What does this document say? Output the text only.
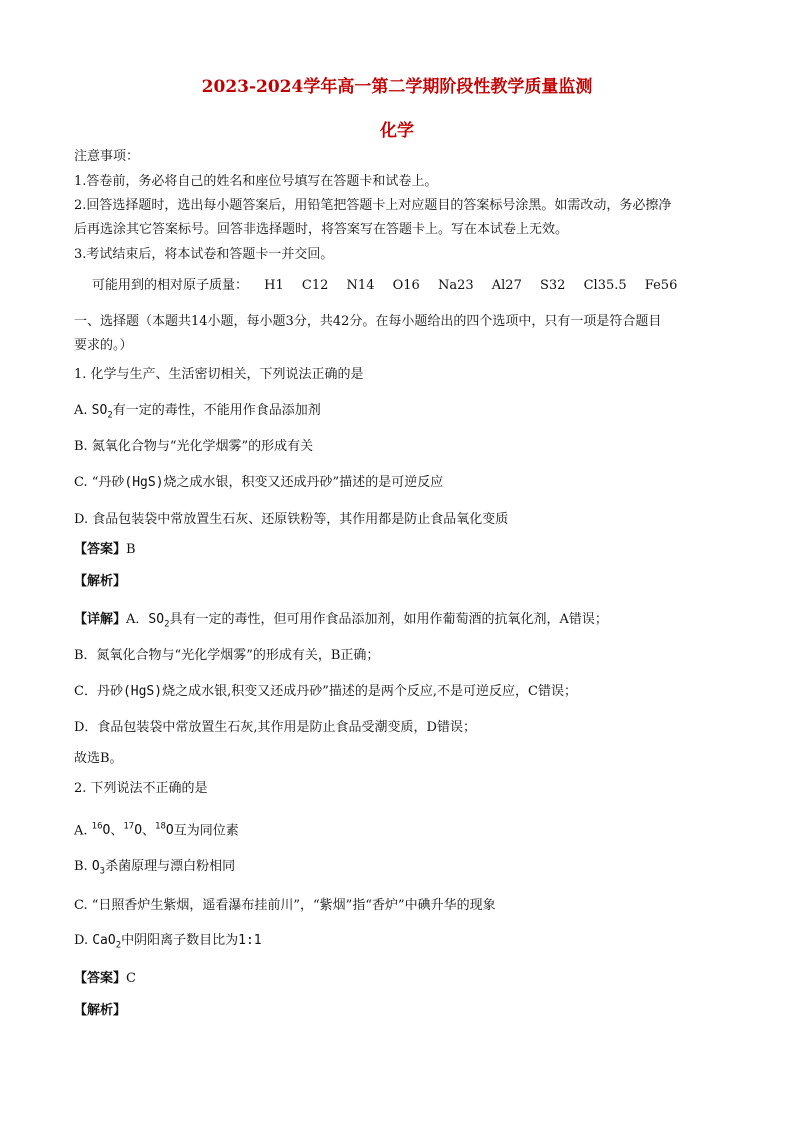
2023-2024学年高一第二学期阶段性教学质量监测
化学
注意事项：
1.答卷前，务必将自己的姓名和座位号填写在答题卡和试卷上。
2.回答选择题时，选出每小题答案后，用铅笔把答题卡上对应题目的答案标号涂黑。如需改动，务必擦净
后再选涂其它答案标号。回答非选择题时，将答案写在答题卡上。写在本试卷上无效。
3.考试结束后，将本试卷和答题卡一并交回。
可能用到的相对原子质量： H1 C12 N14 O16 Na23 Al27 S32 Cl35.5 Fe56
一、选择题（本题共14小题，每小题3分，共42分。在每小题给出的四个选项中，只有一项是符合题目
要求的。）
1. 化学与生产、生活密切相关，下列说法正确的是
A. $SO_2$有一定的毒性，不能用作食品添加剂
B. 氮氧化合物与“光化学烟雾”的形成有关
C. “丹砂(HgS)烧之成水银，积变又还成丹砂”描述的是可逆反应
D. 食品包装袋中常放置生石灰、还原铁粉等，其作用都是防止食品氧化变质
【答案】B
【解析】
【详解】A．$SO_2$具有一定的毒性，但可用作食品添加剂，如用作葡萄酒的抗氧化剂，A错误；
B．氮氧化合物与“光化学烟雾”的形成有关，B正确；
C．丹砂(HgS)烧之成水银,积变又还成丹砂”描述的是两个反应,不是可逆反应，C错误；
D．食品包装袋中常放置生石灰,其作用是防止食品受潮变质，D错误；
故选B。
2. 下列说法不正确的是
A. $^{16}$O、$^{17}$O、$^{18}$O互为同位素
B. $O_3$杀菌原理与漂白粉相同
C. “日照香炉生紫烟，遥看瀑布挂前川”，“紫烟”指“香炉”中碘升华的现象
D. CaO$_2$中阴阳离子数目比为1:1
【答案】C
【解析】
